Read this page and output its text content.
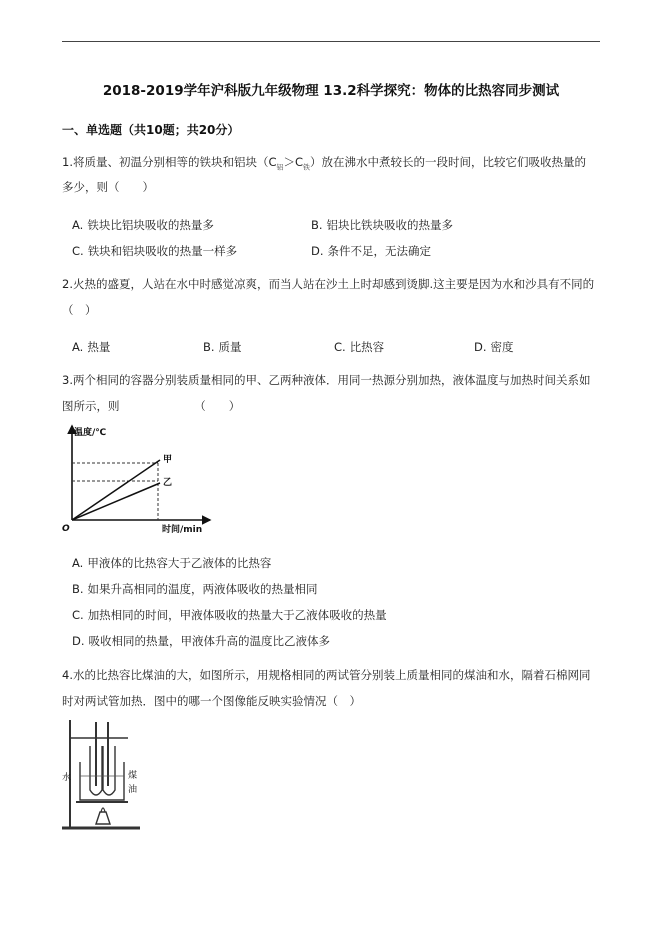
2018-2019学年沪科版九年级物理 13.2科学探究：物体的比热容同步测试
一、单选题（共10题；共20分）
1.将质量、初温分别相等的铁块和铝块$(C_铝>C_铁)$放在沸水中煮较长的一段时间，比较它们吸收热量的
多少，则（　　）
A. 铁块比铝块吸收的热量多	B. 铝块比铁块吸收的热量多
C. 铁块和铝块吸收的热量一样多	D. 条件不足，无法确定
2.火热的盛夏，人站在水中时感觉凉爽，而当人站在沙土上时却感到烫脚.这主要是因为水和沙具有不同的
（　）
A. 热量	B. 质量	C. 比热容	D. 密度
3.两个相同的容器分别装质量相同的甲、乙两种液体．用同一热源分别加热，液体温度与加热时间关系如
图所示，则　　　　　　　（　　）
温度/℃
时间/min
O
甲
乙
A. 甲液体的比热容大于乙液体的比热容
B. 如果升高相同的温度，两液体吸收的热量相同
C. 加热相同的时间，甲液体吸收的热量大于乙液体吸收的热量
D. 吸收相同的热量，甲液体升高的温度比乙液体多
4.水的比热容比煤油的大，如图所示，用规格相同的两试管分别装上质量相同的煤油和水，隔着石棉网同
时对两试管加热．图中的哪一个图像能反映实验情况（　）
水	煤
油
